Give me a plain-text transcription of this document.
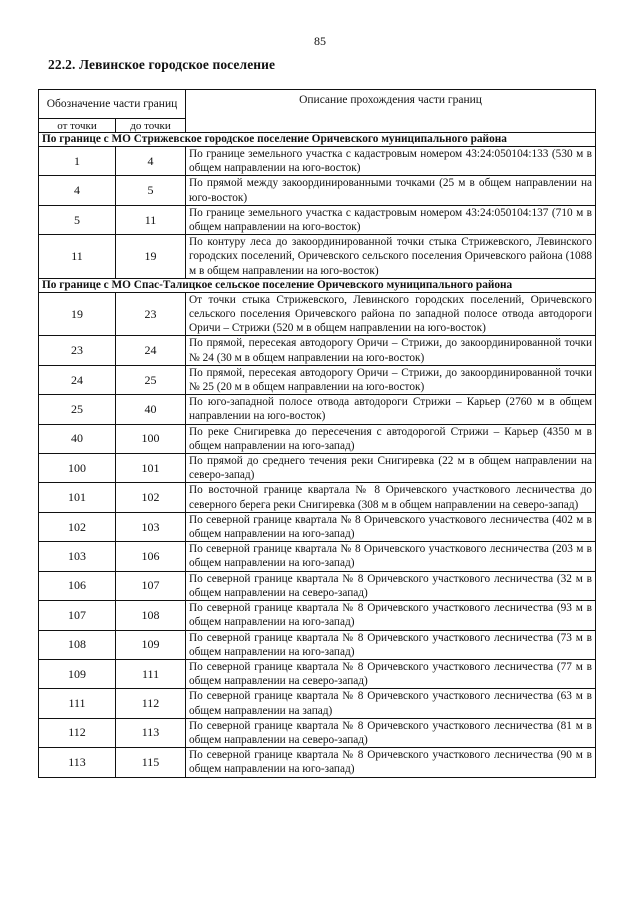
85
22.2. Левинское городское поселение
Обозначение части границ		Описание прохождения части границ
от точки	до точки	
По границе с МО Стрижевское городское поселение Оричевского муниципального района		
1	4	По границе земельного участка с кадастровым номером 43:24:050104:133 (530 м в общем направлении на юго-восток)
4	5	По прямой между закоординированными точками (25 м в общем направлении на юго-восток)
5	11	По границе земельного участка с кадастровым номером 43:24:050104:137 (710 м в общем направлении на юго-восток)
11	19	По контуру леса до закоординированной точки стыка Стрижевского, Левинского городских поселений, Оричевского сельского поселения Оричевского района (1088 м в общем направлении на юго-восток)
По границе с МО Спас-Талицкое сельское поселение Оричевского муниципального района		
19	23	От точки стыка Стрижевского, Левинского городских поселений, Оричевского сельского поселения Оричевского района по западной полосе отвода автодороги Оричи – Стрижи (520 м в общем направлении на юго-восток)
23	24	По прямой, пересекая автодорогу Оричи – Стрижи, до закоординированной точки № 24 (30 м в общем направлении на юго-восток)
24	25	По прямой, пересекая автодорогу Оричи – Стрижи, до закоординированной точки № 25 (20 м в общем направлении на юго-восток)
25	40	По юго-западной полосе отвода автодороги Стрижи – Карьер (2760 м в общем направлении на юго-восток)
40	100	По реке Снигиревка до пересечения с автодорогой Стрижи – Карьер (4350 м в общем направлении на юго-запад)
100	101	По прямой до среднего течения реки Снигиревка (22 м в общем направлении на северо-запад)
101	102	По восточной границе квартала № 8 Оричевского участкового лесничества до северного берега реки Снигиревка (308 м в общем направлении на северо-запад)
102	103	По северной границе квартала № 8 Оричевского участкового лесничества (402 м в общем направлении на юго-запад)
103	106	По северной границе квартала № 8 Оричевского участкового лесничества (203 м в общем направлении на юго-запад)
106	107	По северной границе квартала № 8 Оричевского участкового лесничества (32 м в общем направлении на северо-запад)
107	108	По северной границе квартала № 8 Оричевского участкового лесничества (93 м в общем направлении на юго-запад)
108	109	По северной границе квартала № 8 Оричевского участкового лесничества (73 м в общем направлении на юго-запад)
109	111	По северной границе квартала № 8 Оричевского участкового лесничества (77 м в общем направлении на северо-запад)
111	112	По северной границе квартала № 8 Оричевского участкового лесничества (63 м в общем направлении на запад)
112	113	По северной границе квартала № 8 Оричевского участкового лесничества (81 м в общем направлении на северо-запад)
113	115	По северной границе квартала № 8 Оричевского участкового лесничества (90 м в общем направлении на юго-запад)
